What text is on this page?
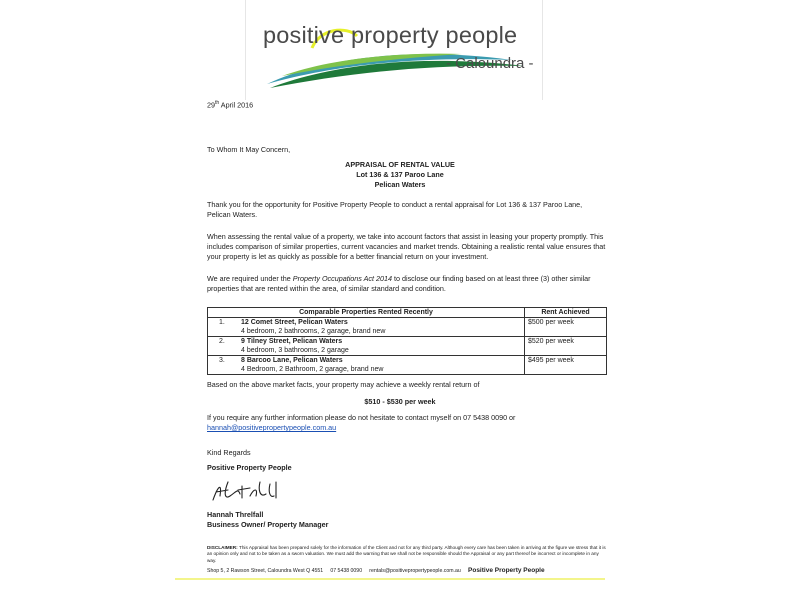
positive property people
- Caloundra -
29th April 2016
To Whom It May Concern,
APPRAISAL OF RENTAL VALUE
Lot 136 & 137 Paroo Lane
Pelican Waters
Thank you for the opportunity for Positive Property People to conduct a rental appraisal for Lot 136 & 137 Paroo Lane, Pelican Waters.
When assessing the rental value of a property, we take into account factors that assist in leasing your property promptly. This includes comparison of similar properties, current vacancies and market trends. Obtaining a realistic rental value ensures that your property is let as quickly as possible for a better financial return on your investment.
We are required under the Property Occupations Act 2014 to disclose our finding based on at least three (3) other similar properties that are rented within the area, of similar standard and condition.
Comparable Properties Rented Recently	Rent Achieved

1. 12 Comet Street, Pelican Waters
4 bedroom, 2 bathrooms, 2 garage, brand new	$500 per week

2. 9 Tilney Street, Pelican Waters
4 bedroom, 3 bathrooms, 2 garage	$520 per week

3. 8 Barcoo Lane, Pelican Waters
4 Bedroom, 2 Bathroom, 2 garage, brand new	$495 per week
Based on the above market facts, your property may achieve a weekly rental return of
$510 - $530 per week
If you require any further information please do not hesitate to contact myself on 07 5438 0090 or
hannah@positivepropertypeople.com.au
Kind Regards
Positive Property People
Hannah Threlfall
Business Owner/ Property Manager
DISCLAIMER: This Appraisal has been prepared solely for the information of the Client and not for any third party. Although every care has been taken in arriving at the figure we stress that it is an opinion only and not to be taken as a sworn valuation. We must add the warning that we shall not be responsible should the Appraisal or any part thereof be incorrect or incomplete in any way.
Shop 5, 2 Rawson Street, Caloundra West Q 4551 07 5438 0090 rentals@positivepropertypeople.com.au Positive Property People
